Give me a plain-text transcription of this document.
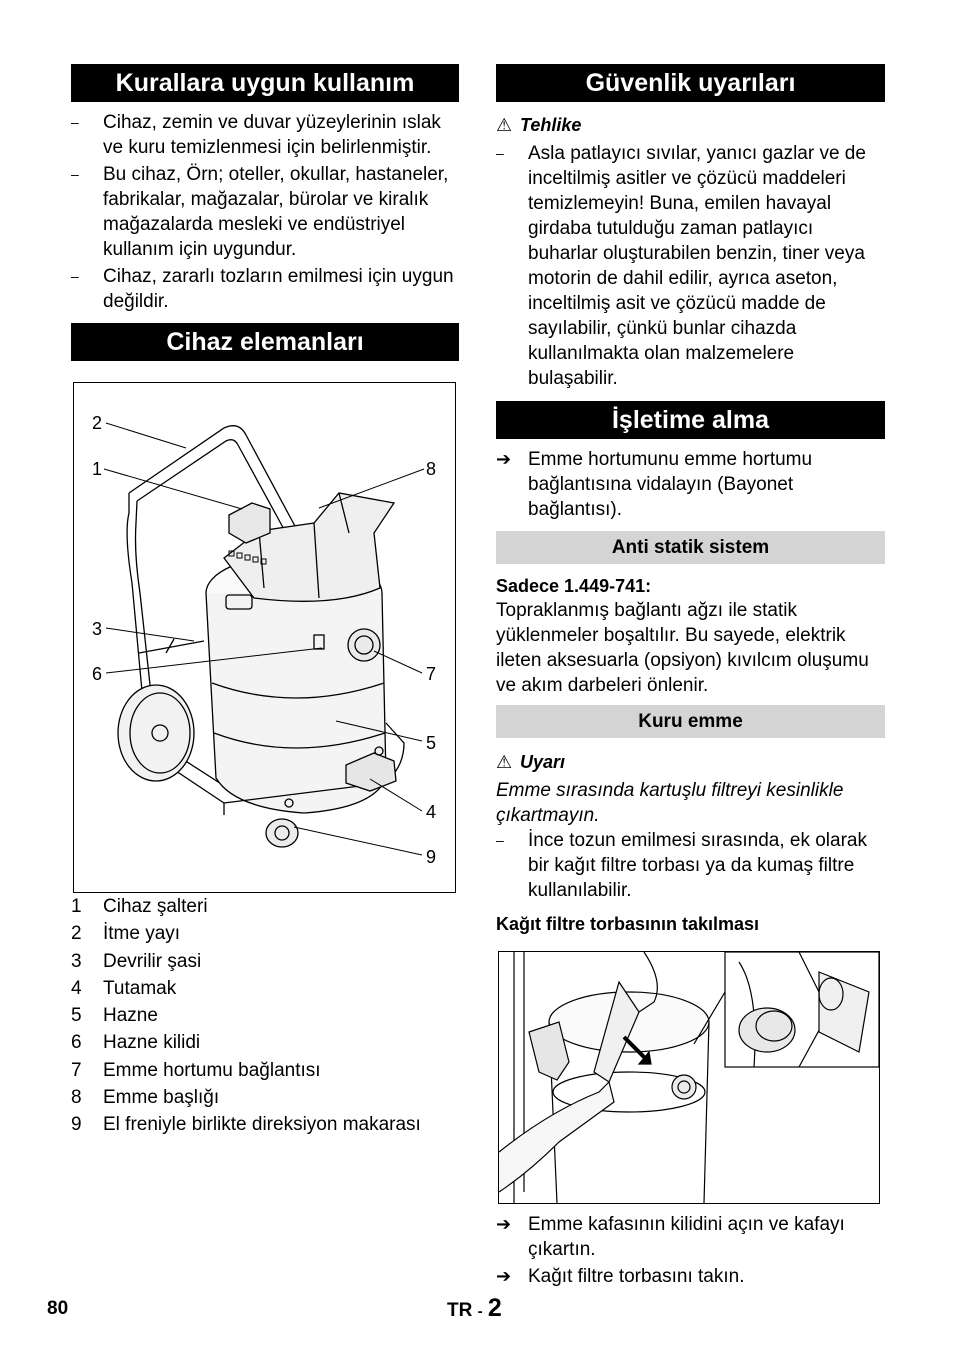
Kurallara uygun kullanım
– Cihaz, zemin ve duvar yüzeylerinin ıslak ve kuru temizlenmesi için belirlenmiştir.
– Bu cihaz, Örn; oteller, okullar, hastaneler, fabrikalar, mağazalar, bürolar ve kiralık mağazalarda mesleki ve endüstriyel kullanım için uygundur.
– Cihaz, zararlı tozların emilmesi için uygun değildir.
Cihaz elemanları
2
1	8
3
6	7
5
4
9
1 Cihaz şalteri
2 İtme yayı
3 Devrilir şasi
4 Tutamak
5 Hazne
6 Hazne kilidi
7 Emme hortumu bağlantısı
8 Emme başlığı
9 El freniyle birlikte direksiyon makarası
Güvenlik uyarıları
⚠ Tehlike
– Asla patlayıcı sıvılar, yanıcı gazlar ve de inceltilmiş asitler ve çözücü maddeleri temizlemeyin! Buna, emilen havayal girdaba tutulduğu zaman patlayıcı buharlar oluşturabilen benzin, tiner veya motorin de dahil edilir, ayrıca aseton, inceltilmiş asit ve çözücü madde de sayılabilir, çünkü bunlar cihazda kullanılmakta olan malzemelere bulaşabilir.
İşletime alma
➔ Emme hortumunu emme hortumu bağlantısına vidalayın (Bayonet bağlantısı).
Anti statik sistem
Sadece 1.449-741:

Topraklanmış bağlantı ağzı ile statik yüklenmeler boşaltılır. Bu sayede, elektrik ileten aksesuarla (opsiyon) kıvılcım oluşumu ve akım darbeleri önlenir.

Kuru emme
⚠ Uyarı

Emme sırasında kartuşlu filtreyi kesinlikle çıkartmayın.

– İnce tozun emilmesi sırasında, ek olarak bir kağıt filtre torbası ya da kumaş filtre kullanılabilir.
Kağıt filtre torbasının takılması
➔ Emme kafasının kilidini açın ve kafayı çıkartın.
➔ Kağıt filtre torbasını takın.
80	TR - 2
